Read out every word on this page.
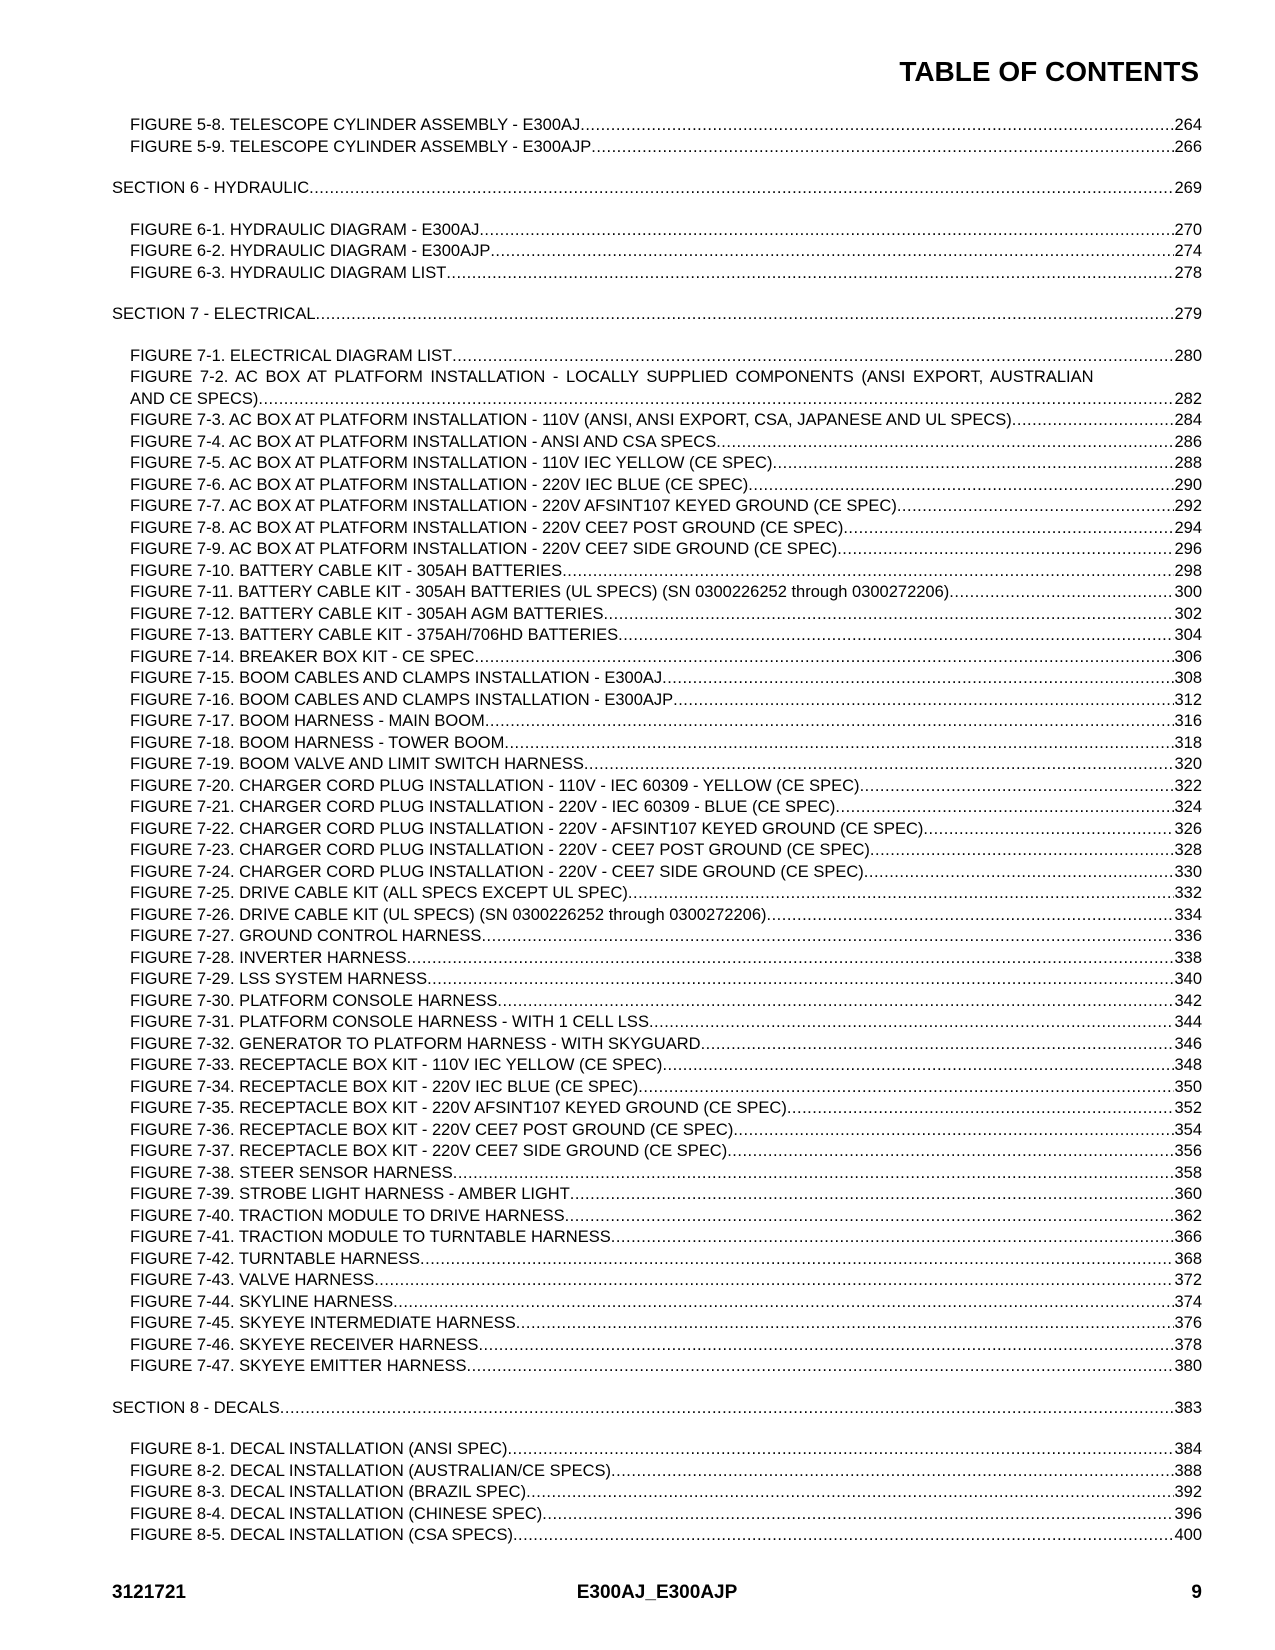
TABLE OF CONTENTS
FIGURE 5-8. TELESCOPE CYLINDER ASSEMBLY - E300AJ .....	264
FIGURE 5-9. TELESCOPE CYLINDER ASSEMBLY - E300AJP .....	266
SECTION 6 - HYDRAULIC .....	269
FIGURE 6-1. HYDRAULIC DIAGRAM - E300AJ .....	270
FIGURE 6-2. HYDRAULIC DIAGRAM - E300AJP .....	274
FIGURE 6-3. HYDRAULIC DIAGRAM LIST .....	278
SECTION 7 - ELECTRICAL .....	279
FIGURE 7-1. ELECTRICAL DIAGRAM LIST .....	280
FIGURE 7-2. AC BOX AT PLATFORM INSTALLATION - LOCALLY SUPPLIED COMPONENTS (ANSI EXPORT, AUSTRALIAN
AND CE SPECS) .....	282
FIGURE 7-3. AC BOX AT PLATFORM INSTALLATION - 110V (ANSI, ANSI EXPORT, CSA, JAPANESE AND UL SPECS) .....	284
FIGURE 7-4. AC BOX AT PLATFORM INSTALLATION - ANSI AND CSA SPECS .....	286
FIGURE 7-5. AC BOX AT PLATFORM INSTALLATION - 110V IEC YELLOW (CE SPEC) .....	288
FIGURE 7-6. AC BOX AT PLATFORM INSTALLATION - 220V IEC BLUE (CE SPEC) .....	290
FIGURE 7-7. AC BOX AT PLATFORM INSTALLATION - 220V AFSINT107 KEYED GROUND (CE SPEC) .....	292
FIGURE 7-8. AC BOX AT PLATFORM INSTALLATION - 220V CEE7 POST GROUND (CE SPEC) .....	294
FIGURE 7-9. AC BOX AT PLATFORM INSTALLATION - 220V CEE7 SIDE GROUND (CE SPEC) .....	296
FIGURE 7-10. BATTERY CABLE KIT - 305AH BATTERIES .....	298
FIGURE 7-11. BATTERY CABLE KIT - 305AH BATTERIES (UL SPECS) (SN 0300226252 through 0300272206) .....	300
FIGURE 7-12. BATTERY CABLE KIT - 305AH AGM BATTERIES .....	302
FIGURE 7-13. BATTERY CABLE KIT - 375AH/706HD BATTERIES .....	304
FIGURE 7-14. BREAKER BOX KIT - CE SPEC .....	306
FIGURE 7-15. BOOM CABLES AND CLAMPS INSTALLATION - E300AJ .....	308
FIGURE 7-16. BOOM CABLES AND CLAMPS INSTALLATION - E300AJP .....	312
FIGURE 7-17. BOOM HARNESS - MAIN BOOM .....	316
FIGURE 7-18. BOOM HARNESS - TOWER BOOM .....	318
FIGURE 7-19. BOOM VALVE AND LIMIT SWITCH HARNESS .....	320
FIGURE 7-20. CHARGER CORD PLUG INSTALLATION - 110V - IEC 60309 - YELLOW (CE SPEC) .....	322
FIGURE 7-21. CHARGER CORD PLUG INSTALLATION - 220V - IEC 60309 - BLUE (CE SPEC) .....	324
FIGURE 7-22. CHARGER CORD PLUG INSTALLATION - 220V - AFSINT107 KEYED GROUND (CE SPEC) .....	326
FIGURE 7-23. CHARGER CORD PLUG INSTALLATION - 220V - CEE7 POST GROUND (CE SPEC) .....	328
FIGURE 7-24. CHARGER CORD PLUG INSTALLATION - 220V - CEE7 SIDE GROUND (CE SPEC) .....	330
FIGURE 7-25. DRIVE CABLE KIT (ALL SPECS EXCEPT UL SPEC) .....	332
FIGURE 7-26. DRIVE CABLE KIT (UL SPECS) (SN 0300226252 through 0300272206) .....	334
FIGURE 7-27. GROUND CONTROL HARNESS .....	336
FIGURE 7-28. INVERTER HARNESS .....	338
FIGURE 7-29. LSS SYSTEM HARNESS .....	340
FIGURE 7-30. PLATFORM CONSOLE HARNESS .....	342
FIGURE 7-31. PLATFORM CONSOLE HARNESS - WITH 1 CELL LSS .....	344
FIGURE 7-32. GENERATOR TO PLATFORM HARNESS - WITH SKYGUARD .....	346
FIGURE 7-33. RECEPTACLE BOX KIT - 110V IEC YELLOW (CE SPEC) .....	348
FIGURE 7-34. RECEPTACLE BOX KIT - 220V IEC BLUE (CE SPEC) .....	350
FIGURE 7-35. RECEPTACLE BOX KIT - 220V AFSINT107 KEYED GROUND (CE SPEC) .....	352
FIGURE 7-36. RECEPTACLE BOX KIT - 220V CEE7 POST GROUND (CE SPEC) .....	354
FIGURE 7-37. RECEPTACLE BOX KIT - 220V CEE7 SIDE GROUND (CE SPEC) .....	356
FIGURE 7-38. STEER SENSOR HARNESS .....	358
FIGURE 7-39. STROBE LIGHT HARNESS - AMBER LIGHT .....	360
FIGURE 7-40. TRACTION MODULE TO DRIVE HARNESS .....	362
FIGURE 7-41. TRACTION MODULE TO TURNTABLE HARNESS .....	366
FIGURE 7-42. TURNTABLE HARNESS .....	368
FIGURE 7-43. VALVE HARNESS .....	372
FIGURE 7-44. SKYLINE HARNESS .....	374
FIGURE 7-45. SKYEYE INTERMEDIATE HARNESS .....	376
FIGURE 7-46. SKYEYE RECEIVER HARNESS .....	378
FIGURE 7-47. SKYEYE EMITTER HARNESS .....	380
SECTION 8 - DECALS .....	383
FIGURE 8-1. DECAL INSTALLATION (ANSI SPEC) .....	384
FIGURE 8-2. DECAL INSTALLATION (AUSTRALIAN/CE SPECS) .....	388
FIGURE 8-3. DECAL INSTALLATION (BRAZIL SPEC) .....	392
FIGURE 8-4. DECAL INSTALLATION (CHINESE SPEC) .....	396
FIGURE 8-5. DECAL INSTALLATION (CSA SPECS) .....	400
3121721	E300AJ_E300AJP	9
